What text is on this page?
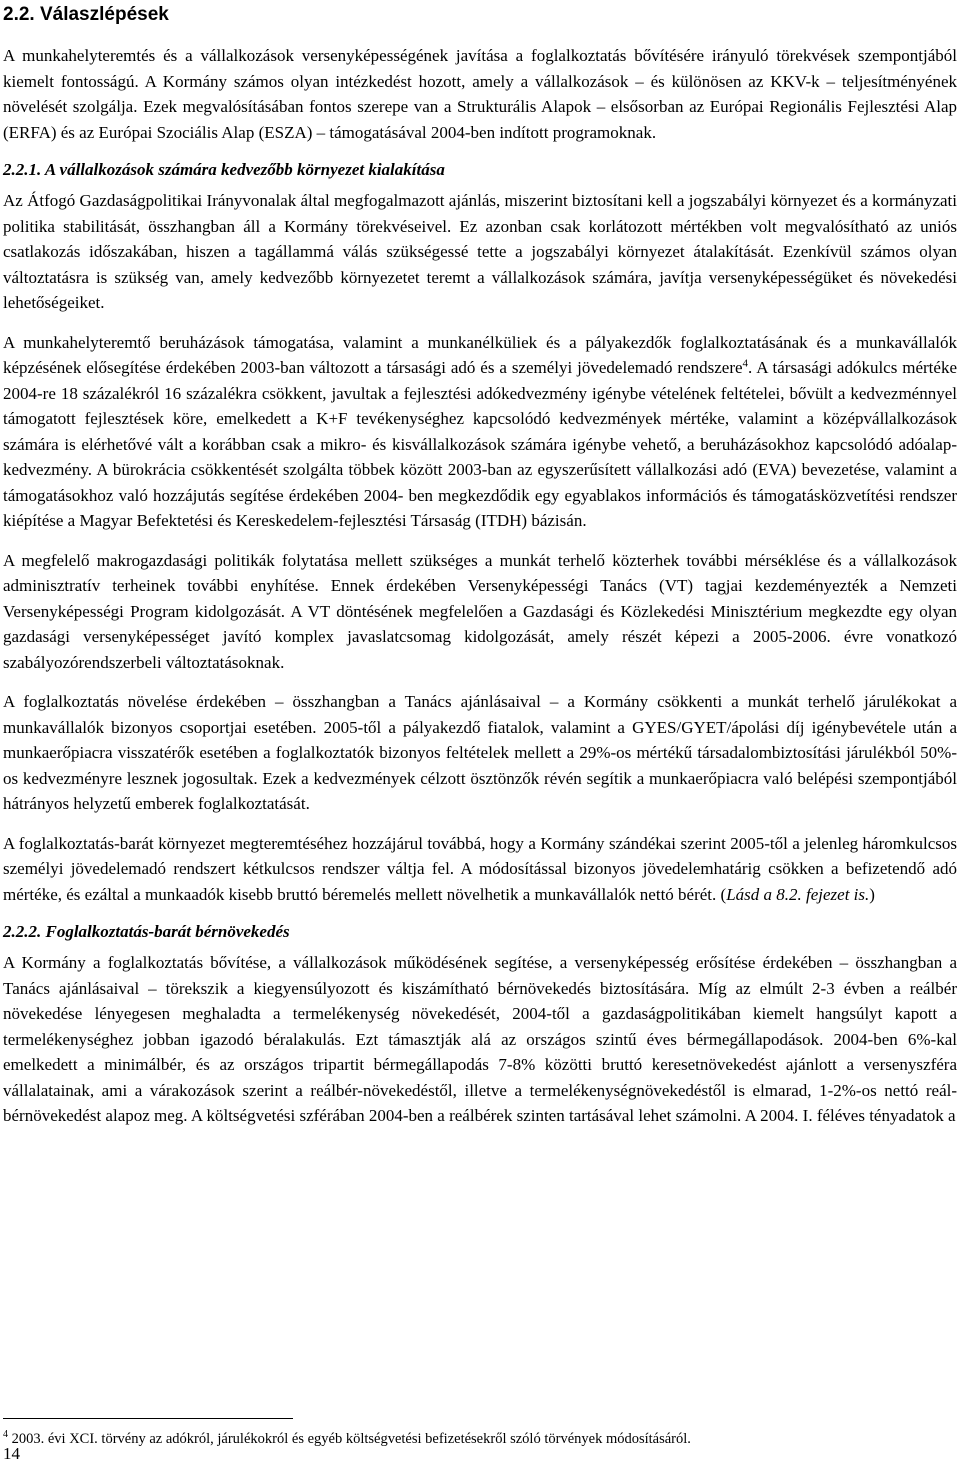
2.2. Válaszlépések

A munkahelyteremtés és a vállalkozások versenyképességének javítása a foglalkoztatás bővítésére irányuló törekvések szempontjából kiemelt fontosságú. A Kormány számos olyan intézkedést hozott, amely a vállalkozások – és különösen az KKV-k – teljesítményének növelését szolgálja. Ezek megvalósításában fontos szerepe van a Strukturális Alapok – elsősorban az Európai Regionális Fejlesztési Alap (ERFA) és az Európai Szociális Alap (ESZA) – támogatásával 2004-ben indított programoknak.

2.2.1. A vállalkozások számára kedvezőbb környezet kialakítása

Az Átfogó Gazdaságpolitikai Irányvonalak által megfogalmazott ajánlás, miszerint biztosítani kell a jogszabályi környezet és a kormányzati politika stabilitását, összhangban áll a Kormány törekvéseivel. Ez azonban csak korlátozott mértékben volt megvalósítható az uniós csatlakozás időszakában, hiszen a tagállammá válás szükségessé tette a jogszabályi környezet átalakítását. Ezenkívül számos olyan változtatásra is szükség van, amely kedvezőbb környezetet teremt a vállalkozások számára, javítja versenyképességüket és növekedési lehetőségeiket.

A munkahelyteremtő beruházások támogatása, valamint a munkanélküliek és a pályakezdők foglalkoztatásának és a munkavállalók képzésének elősegítése érdekében 2003-ban változott a társasági adó és a személyi jövedelemadó rendszere$^4$. A társasági adókulcs mértéke 2004-re 18 százalékról 16 százalékra csökkent, javultak a fejlesztési adókedvezmény igénybe vételének feltételei, bővült a kedvezménnyel támogatott fejlesztések köre, emelkedett a K+F tevékenységhez kapcsolódó kedvezmények mértéke, valamint a középvállalkozások számára is elérhetővé vált a korábban csak a mikro- és kisvállalkozások számára igénybe vehető, a beruházásokhoz kapcsolódó adóalap-kedvezmény. A bürokrácia csökkentését szolgálta többek között 2003-ban az egyszerűsített vállalkozási adó (EVA) bevezetése, valamint a támogatásokhoz való hozzájutás segítése érdekében 2004- ben megkezdődik egy egyablakos információs és támogatásközvetítési rendszer kiépítése a Magyar Befektetési és Kereskedelem-fejlesztési Társaság (ITDH) bázisán.

A megfelelő makrogazdasági politikák folytatása mellett szükséges a munkát terhelő közterhek további mérséklése és a vállalkozások adminisztratív terheinek további enyhítése. Ennek érdekében Versenyképességi Tanács (VT) tagjai kezdeményezték a Nemzeti Versenyképességi Program kidolgozását. A VT döntésének megfelelően a Gazdasági és Közlekedési Minisztérium megkezdte egy olyan gazdasági versenyképességet javító komplex javaslatcsomag kidolgozását, amely részét képezi a 2005-2006. évre vonatkozó szabályozórendszerbeli változtatásoknak.

A foglalkoztatás növelése érdekében – összhangban a Tanács ajánlásaival – a Kormány csökkenti a munkát terhelő járulékokat a munkavállalók bizonyos csoportjai esetében. 2005-től a pályakezdő fiatalok, valamint a GYES/GYET/ápolási díj igénybevétele után a munkaerőpiacra visszatérők esetében a foglalkoztatók bizonyos feltételek mellett a 29%-os mértékű társadalombiztosítási járulékból 50%-os kedvezményre lesznek jogosultak. Ezek a kedvezmények célzott ösztönzők révén segítik a munkaerőpiacra való belépési szempontjából hátrányos helyzetű emberek foglalkoztatását.

A foglalkoztatás-barát környezet megteremtéséhez hozzájárul továbbá, hogy a Kormány szándékai szerint 2005-től a jelenleg háromkulcsos személyi jövedelemadó rendszert kétkulcsos rendszer váltja fel. A módosítással bizonyos jövedelemhatárig csökken a befizetendő adó mértéke, és ezáltal a munkaadók kisebb bruttó béremelés mellett növelhetik a munkavállalók nettó bérét. (Lásd a 8.2. fejezet is.)

2.2.2. Foglalkoztatás-barát bérnövekedés

A Kormány a foglalkoztatás bővítése, a vállalkozások működésének segítése, a versenyképesség erősítése érdekében – összhangban a Tanács ajánlásaival – törekszik a kiegyensúlyozott és kiszámítható bérnövekedés biztosítására. Míg az elmúlt 2-3 évben a reálbér növekedése lényegesen meghaladta a termelékenység növekedését, 2004-től a gazdaságpolitikában kiemelt hangsúlyt kapott a termelékenységhez jobban igazodó béralakulás. Ezt támasztják alá az országos szintű éves bérmegállapodások. 2004-ben 6%-kal emelkedett a minimálbér, és az országos tripartit bérmegállapodás 7-8% közötti bruttó keresetnövekedést ajánlott a versenyszféra vállalatainak, ami a várakozások szerint a reálbér-növekedéstől, illetve a termelékenységnövekedéstől is elmarad, 1-2%-os nettó reál-bérnövekedést alapoz meg. A költségvetési szférában 2004-ben a reálbérek szinten tartásával lehet számolni. A 2004. I. féléves tényadatok a

$^4$ 2003. évi XCI. törvény az adókról, járulékokról és egyéb költségvetési befizetésekről szóló törvények módosításáról.
14
